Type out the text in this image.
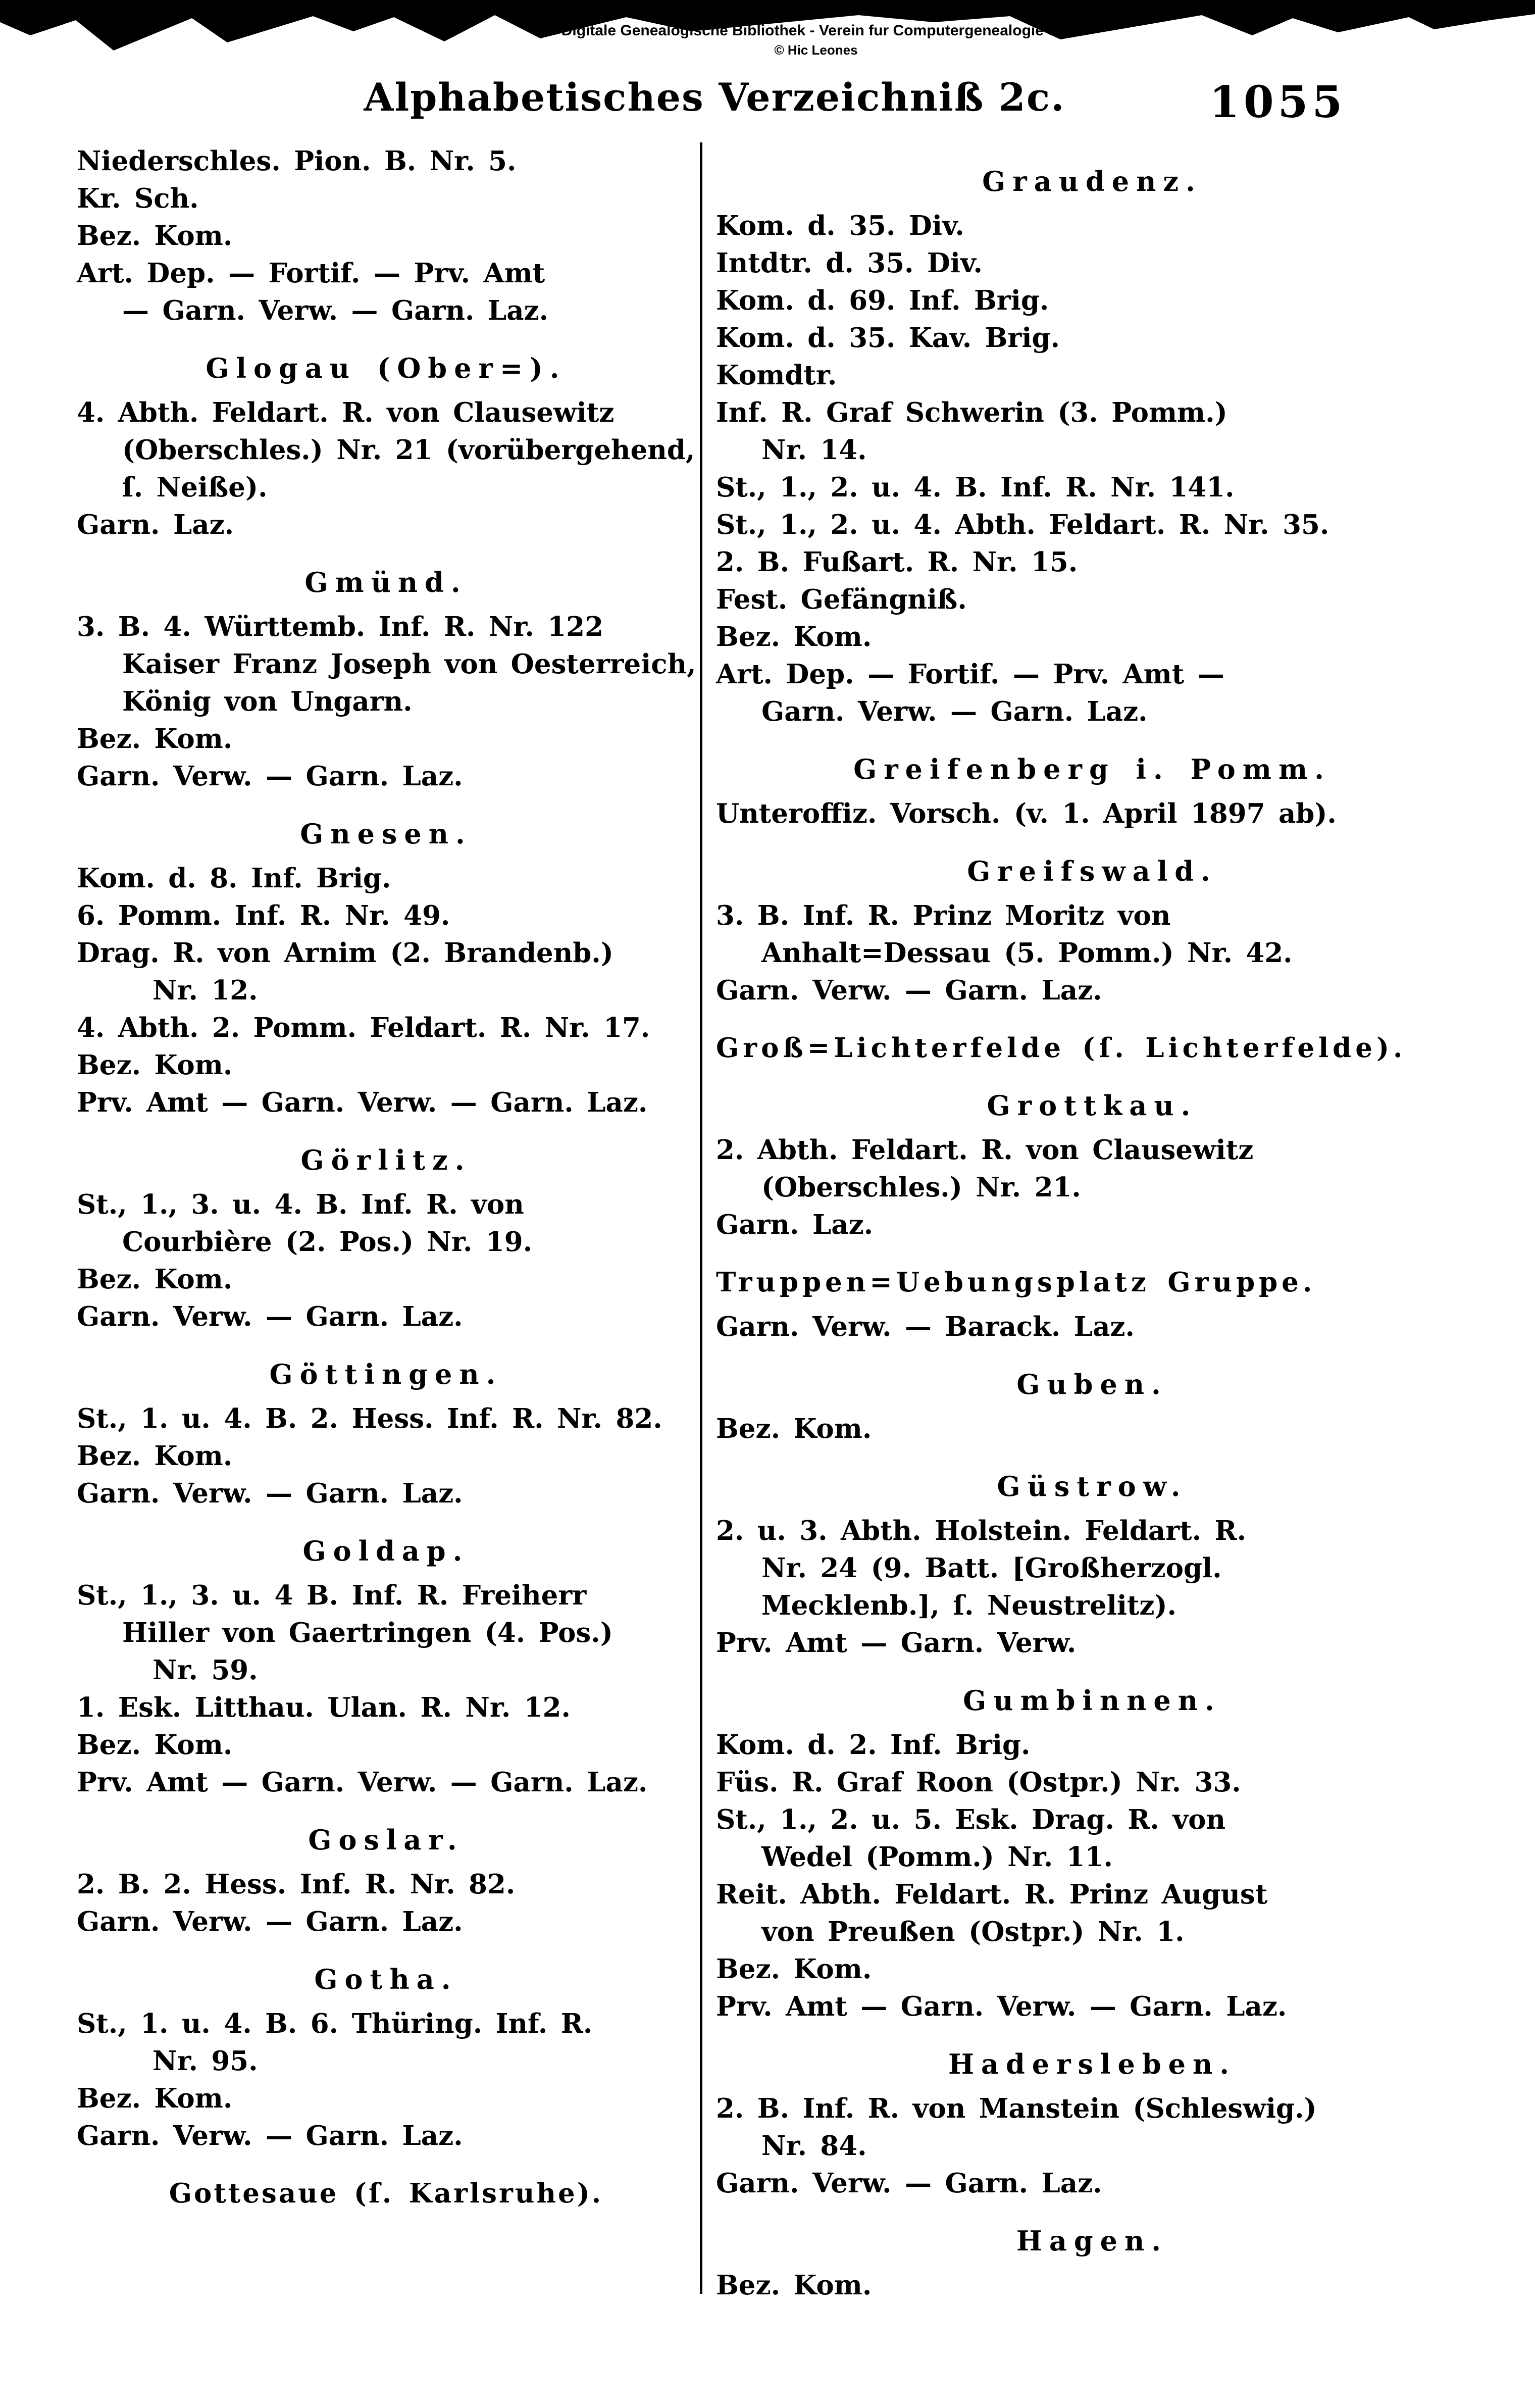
Digitale Genealogische Bibliothek - Verein fur Computergenealogie e V
© Hic Leones
Alphabetisches Verzeichniß 2c.	1055
Niederschles. Pion. B. Nr. 5.
Kr. Sch.
Bez. Kom.
Art. Dep. — Fortif. — Prv. Amt
— Garn. Verw. — Garn. Laz.
Glogau (Ober=).
4. Abth. Feldart. R. von Clausewitz
(Oberschles.) Nr. 21 (vorübergehend,
ſ. Neiße).
Garn. Laz.
Gmünd.
3. B. 4. Württemb. Inf. R. Nr. 122
Kaiser Franz Joseph von Oesterreich,
König von Ungarn.
Bez. Kom.
Garn. Verw. — Garn. Laz.
Gnesen.
Kom. d. 8. Inf. Brig.
6. Pomm. Inf. R. Nr. 49.
Drag. R. von Arnim (2. Brandenb.)
Nr. 12.
4. Abth. 2. Pomm. Feldart. R. Nr. 17.
Bez. Kom.
Prv. Amt — Garn. Verw. — Garn. Laz.
Görlitz.
St., 1., 3. u. 4. B. Inf. R. von
Courbière (2. Pos.) Nr. 19.
Bez. Kom.
Garn. Verw. — Garn. Laz.
Göttingen.
St., 1. u. 4. B. 2. Hess. Inf. R. Nr. 82.
Bez. Kom.
Garn. Verw. — Garn. Laz.
Goldap.
St., 1., 3. u. 4 B. Inf. R. Freiherr
Hiller von Gaertringen (4. Pos.)
Nr. 59.
1. Esk. Litthau. Ulan. R. Nr. 12.
Bez. Kom.
Prv. Amt — Garn. Verw. — Garn. Laz.
Goslar.
2. B. 2. Hess. Inf. R. Nr. 82.
Garn. Verw. — Garn. Laz.
Gotha.
St., 1. u. 4. B. 6. Thüring. Inf. R.
Nr. 95.
Bez. Kom.
Garn. Verw. — Garn. Laz.
Gottesaue (ſ. Karlsruhe).
Graudenz.
Kom. d. 35. Div.
Intdtr. d. 35. Div.
Kom. d. 69. Inf. Brig.
Kom. d. 35. Kav. Brig.
Komdtr.
Inf. R. Graf Schwerin (3. Pomm.)
Nr. 14.
St., 1., 2. u. 4. B. Inf. R. Nr. 141.
St., 1., 2. u. 4. Abth. Feldart. R. Nr. 35.
2. B. Fußart. R. Nr. 15.
Fest. Gefängniß.
Bez. Kom.
Art. Dep. — Fortif. — Prv. Amt —
Garn. Verw. — Garn. Laz.
Greifenberg i. Pomm.
Unteroffiz. Vorsch. (v. 1. April 1897 ab).
Greifswald.
3. B. Inf. R. Prinz Moritz von
Anhalt=Dessau (5. Pomm.) Nr. 42.
Garn. Verw. — Garn. Laz.
Groß=Lichterfelde (ſ. Lichterfelde).
Grottkau.
2. Abth. Feldart. R. von Clausewitz
(Oberschles.) Nr. 21.
Garn. Laz.
Truppen=Uebungsplatz Gruppe.
Garn. Verw. — Barack. Laz.
Guben.
Bez. Kom.
Güstrow.
2. u. 3. Abth. Holstein. Feldart. R.
Nr. 24 (9. Batt. [Großherzogl.
Mecklenb.], ſ. Neustrelitz).
Prv. Amt — Garn. Verw.
Gumbinnen.
Kom. d. 2. Inf. Brig.
Füs. R. Graf Roon (Ostpr.) Nr. 33.
St., 1., 2. u. 5. Esk. Drag. R. von
Wedel (Pomm.) Nr. 11.
Reit. Abth. Feldart. R. Prinz August
von Preußen (Ostpr.) Nr. 1.
Bez. Kom.
Prv. Amt — Garn. Verw. — Garn. Laz.
Hadersleben.
2. B. Inf. R. von Manstein (Schleswig.)
Nr. 84.
Garn. Verw. — Garn. Laz.
Hagen.
Bez. Kom.
